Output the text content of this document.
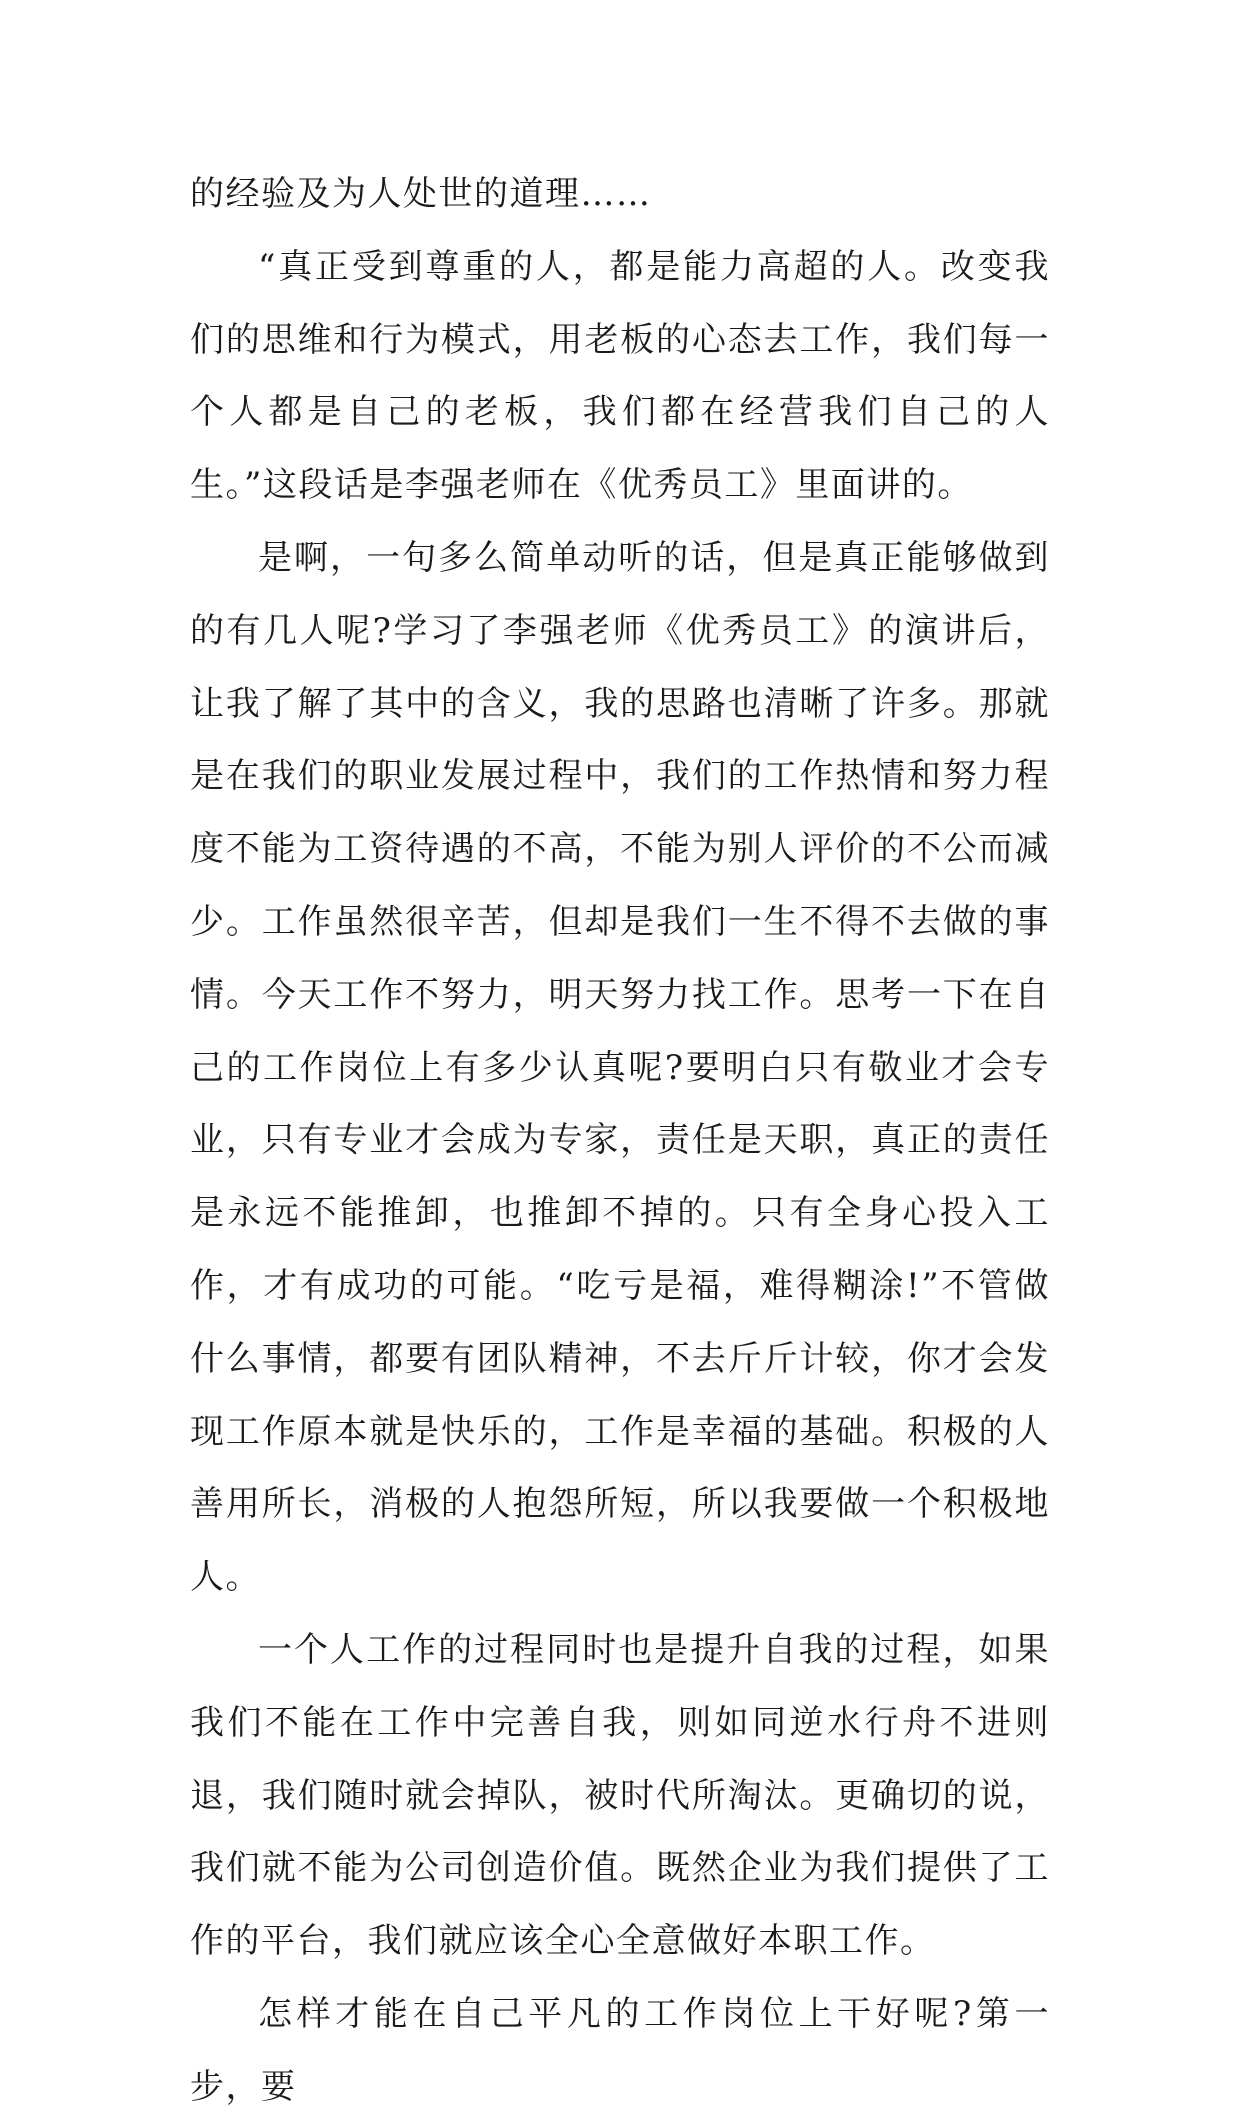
的经验及为人处世的道理……

“真正受到尊重的人，都是能力高超的人。改变我们的思维和行为模式，用老板的心态去工作，我们每一个人都是自己的老板，我们都在经营我们自己的人生。”这段话是李强老师在《优秀员工》里面讲的。

是啊，一句多么简单动听的话，但是真正能够做到的有几人呢?学习了李强老师《优秀员工》的演讲后，让我了解了其中的含义，我的思路也清晰了许多。那就是在我们的职业发展过程中，我们的工作热情和努力程度不能为工资待遇的不高，不能为别人评价的不公而减少。工作虽然很辛苦，但却是我们一生不得不去做的事情。今天工作不努力，明天努力找工作。思考一下在自己的工作岗位上有多少认真呢?要明白只有敬业才会专业，只有专业才会成为专家，责任是天职，真正的责任是永远不能推卸，也推卸不掉的。只有全身心投入工作，才有成功的可能。“吃亏是福，难得糊涂!”不管做什么事情，都要有团队精神，不去斤斤计较，你才会发现工作原本就是快乐的，工作是幸福的基础。积极的人善用所长，消极的人抱怨所短，所以我要做一个积极地人。

一个人工作的过程同时也是提升自我的过程，如果我们不能在工作中完善自我，则如同逆水行舟不进则退，我们随时就会掉队，被时代所淘汰。更确切的说，我们就不能为公司创造价值。既然企业为我们提供了工作的平台，我们就应该全心全意做好本职工作。

怎样才能在自己平凡的工作岗位上干好呢?第一步，要
